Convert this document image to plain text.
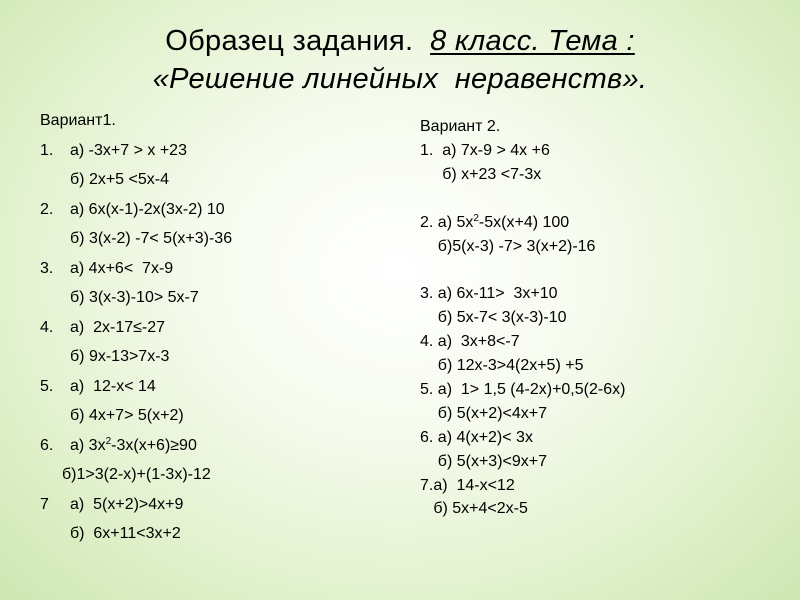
Образец задания. 8 класс. Тема :
«Решение линейных  неравенств».
Вариант1.
1. а) -3х+7 > х +23
б) 2х+5 <5х-4
2. а) 6х(х-1)-2х(3х-2) 10
б) 3(х-2) -7< 5(х+3)-36
3. а) 4х+6<  7х-9
б) 3(х-3)-10> 5х-7
4. а)  2х-17≤-27
б) 9х-13>7х-3
5. а)  12-х< 14
б) 4х+7> 5(х+2)
6. а) $3х^2-3х(х+6)\ge 90$
б)1>3(2-х)+(1-3х)-12
7 а)  5(х+2)>4х+9
б)  6х+11<3х+2
Вариант 2.
1.  а) 7х-9 > 4х +6
б) х+23 <7-3х
2. а) $5х^2-5х(х+4)$ 100
б)5(х-3) -7> 3(х+2)-16
3. а) 6х-11>  3х+10
б) 5х-7< 3(х-3)-10
4. а)  3х+8<-7
б) 12х-3>4(2х+5) +5
5. а)  1> 1,5 (4-2х)+0,5(2-6х)
б) 5(х+2)<4х+7
6. а) 4(х+2)< 3х
б) 5(х+3)<9х+7
7.а)  14-х<12
б) 5х+4<2х-5
